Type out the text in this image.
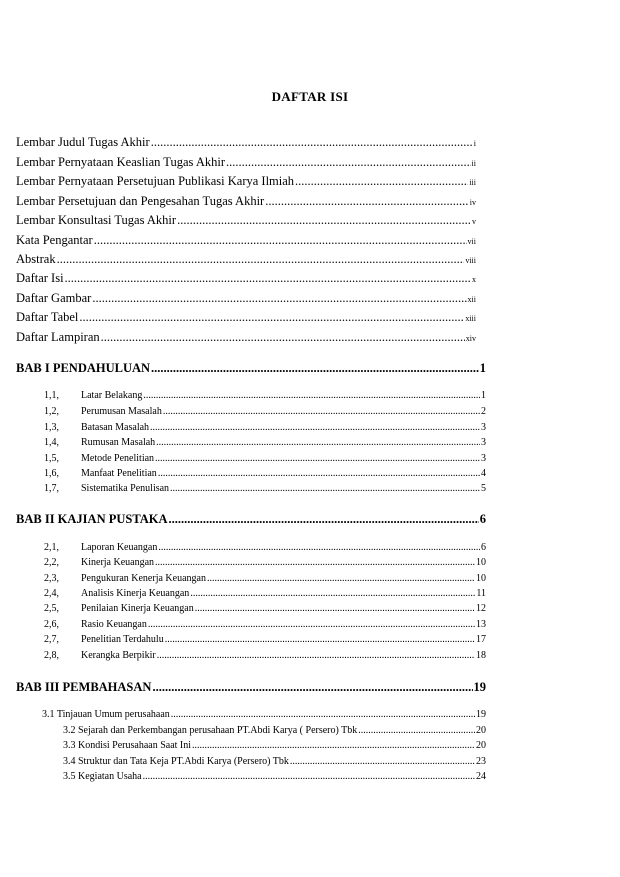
DAFTAR ISI
Lembar Judul Tugas Akhir .....	i
Lembar Pernyataan Keaslian Tugas Akhir .....	ii
Lembar Pernyataan Persetujuan Publikasi Karya Ilmiah .....	iii
Lembar Persetujuan dan Pengesahan Tugas Akhir .....	iv
Lembar Konsultasi Tugas Akhir .....	v
Kata Pengantar .....	vii
Abstrak .....	viii
Daftar Isi .....	x
Daftar Gambar .....	xii
Daftar Tabel .....	xiii
Daftar Lampiran .....	xiv
BAB I PENDAHULUAN .....	1
1,1,	Latar Belakang .....	1
1,2,	Perumusan Masalah .....	2
1,3,	Batasan Masalah .....	3
1,4,	Rumusan Masalah .....	3
1,5,	Metode Penelitian .....	3
1,6,	Manfaat Penelitian .....	4
1,7,	Sistematika Penulisan .....	5
BAB II KAJIAN PUSTAKA .....	6
2,1,	Laporan Keuangan .....	6
2,2,	Kinerja Keuangan .....	10
2,3,	Pengukuran Kenerja Keuangan .....	10
2,4,	Analisis Kinerja Keuangan .....	11
2,5,	Penilaian Kinerja Keuangan .....	12
2,6,	Rasio Keuangan .....	13
2,7,	Penelitian Terdahulu .....	17
2,8,	Kerangka Berpikir .....	18
BAB III PEMBAHASAN .....	19
3.1 Tinjauan Umum perusahaan .....	19
3.2 Sejarah dan Perkembangan perusahaan PT.Abdi Karya ( Persero) Tbk .....	20
3.3 Kondisi Perusahaan Saat Ini .....	20
3.4 Struktur dan Tata Keja PT.Abdi Karya (Persero) Tbk .....	23
3.5 Kegiatan Usaha .....	24
